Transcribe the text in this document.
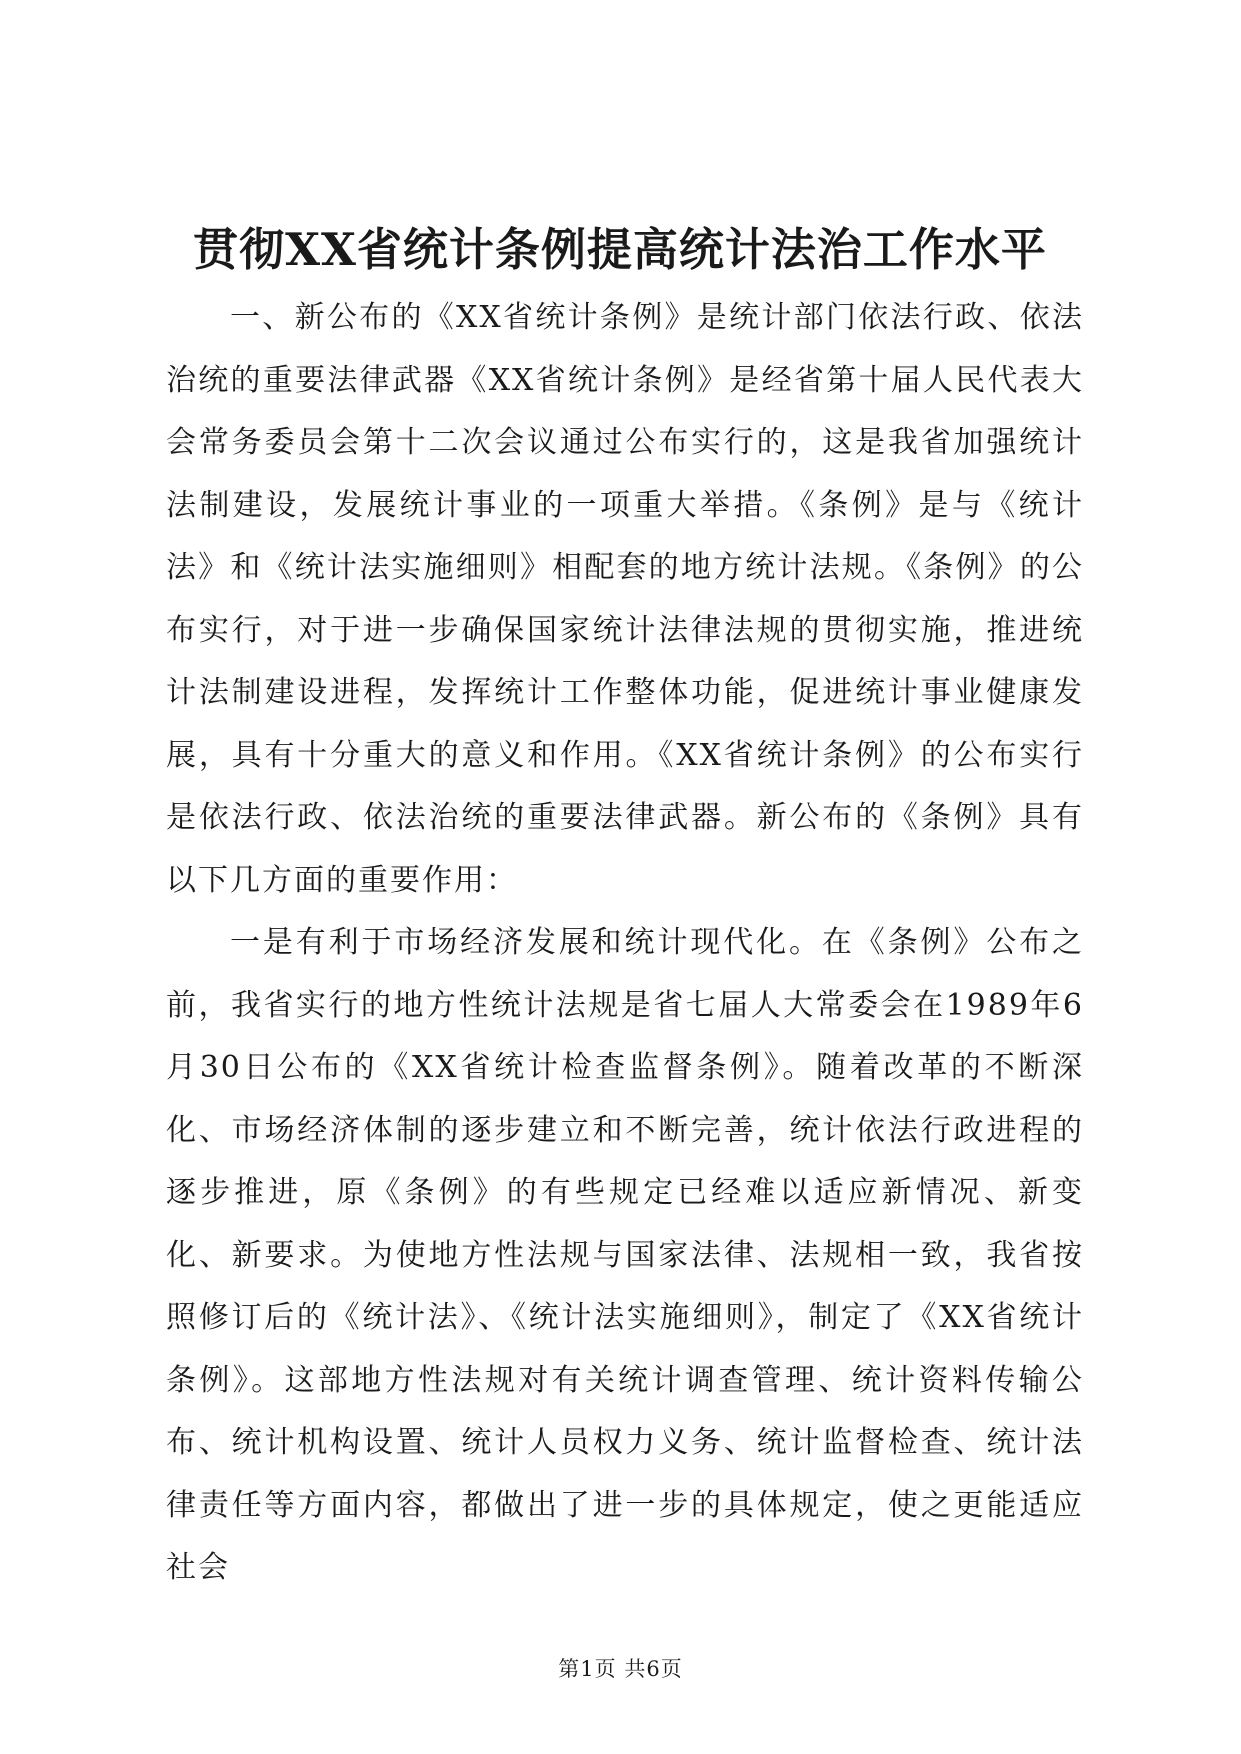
贯彻XX省统计条例提高统计法治工作水平

一、新公布的《XX省统计条例》是统计部门依法行政、依法治统的重要法律武器《XX省统计条例》是经省第十届人民代表大会常务委员会第十二次会议通过公布实行的，这是我省加强统计法制建设，发展统计事业的一项重大举措。《条例》是与《统计法》和《统计法实施细则》相配套的地方统计法规。《条例》的公布实行，对于进一步确保国家统计法律法规的贯彻实施，推进统计法制建设进程，发挥统计工作整体功能，促进统计事业健康发展，具有十分重大的意义和作用。《XX省统计条例》的公布实行是依法行政、依法治统的重要法律武器。新公布的《条例》具有以下几方面的重要作用：

一是有利于市场经济发展和统计现代化。在《条例》公布之前，我省实行的地方性统计法规是省七届人大常委会在1989年6月30日公布的《XX省统计检查监督条例》。随着改革的不断深化、市场经济体制的逐步建立和不断完善，统计依法行政进程的逐步推进，原《条例》的有些规定已经难以适应新情况、新变化、新要求。为使地方性法规与国家法律、法规相一致，我省按照修订后的《统计法》、《统计法实施细则》，制定了《XX省统计条例》。这部地方性法规对有关统计调查管理、统计资料传输公布、统计机构设置、统计人员权力义务、统计监督检查、统计法律责任等方面内容，都做出了进一步的具体规定，使之更能适应社会

第1页 共6页
